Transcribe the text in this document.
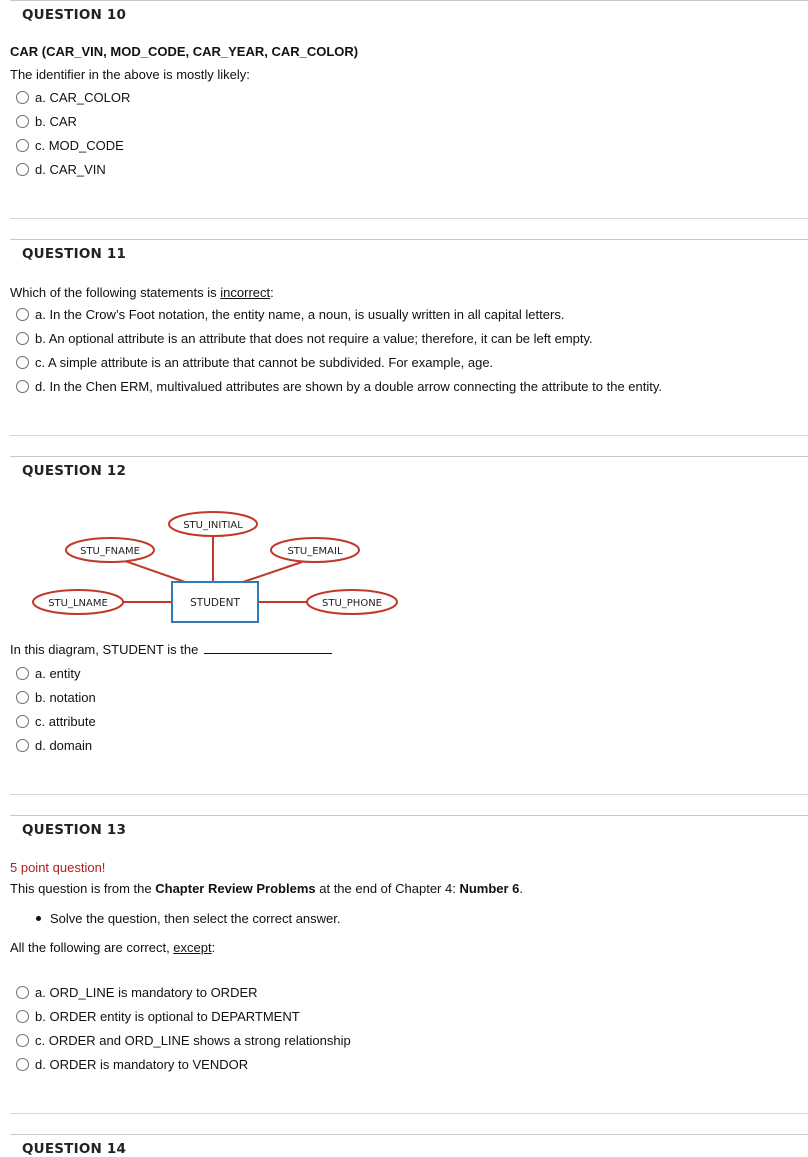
QUESTION 10
CAR (CAR_VIN, MOD_CODE, CAR_YEAR, CAR_COLOR)
The identifier in the above is mostly likely:
a. CAR_COLOR
b. CAR
c. MOD_CODE
d. CAR_VIN
QUESTION 11
Which of the following statements is incorrect:
a. In the Crow’s Foot notation, the entity name, a noun, is usually written in all capital letters.
b. An optional attribute is an attribute that does not require a value; therefore, it can be left empty.
c. A simple attribute is an attribute that cannot be subdivided. For example, age.
d. In the Chen ERM, multivalued attributes are shown by a double arrow connecting the attribute to the entity.
QUESTION 12
STU_INITIAL
STU_FNAME	STU_EMAIL
STU_LNAME	STU_PHONE
STUDENT
In this diagram, STUDENT is the
a. entity
b. notation
c. attribute
d. domain
QUESTION 13
5 point question!
This question is from the Chapter Review Problems at the end of Chapter 4: Number 6.
Solve the question, then select the correct answer.
All the following are correct, except:
a. ORD_LINE is mandatory to ORDER
b. ORDER entity is optional to DEPARTMENT
c. ORDER and ORD_LINE shows a strong relationship
d. ORDER is mandatory to VENDOR
QUESTION 14
